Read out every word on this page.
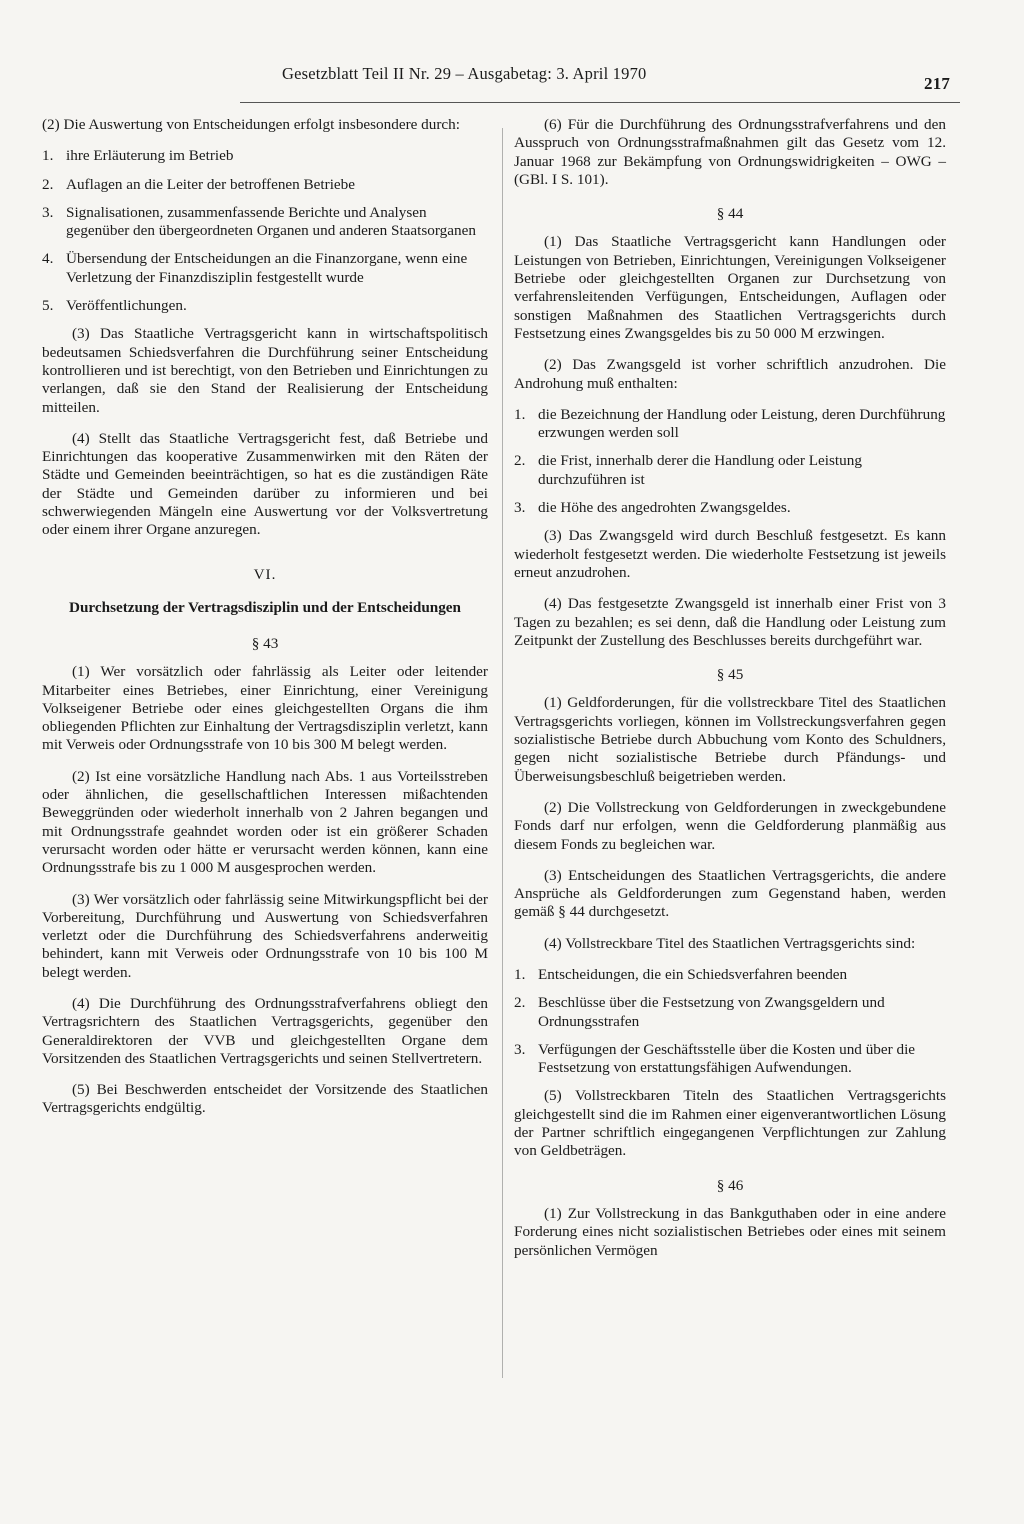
Gesetzblatt Teil II Nr. 29 – Ausgabetag: 3. April 1970
217

(2) Die Auswertung von Entscheidungen erfolgt insbesondere durch:

1. ihre Erläuterung im Betrieb
2. Auflagen an die Leiter der betroffenen Betriebe
3. Signalisationen, zusammenfassende Berichte und Analysen gegenüber den übergeordneten Organen und anderen Staatsorganen
4. Übersendung der Entscheidungen an die Finanzorgane, wenn eine Verletzung der Finanzdisziplin festgestellt wurde
5. Veröffentlichungen.

(3) Das Staatliche Vertragsgericht kann in wirtschaftspolitisch bedeutsamen Schiedsverfahren die Durchführung seiner Entscheidung kontrollieren und ist berechtigt, von den Betrieben und Einrichtungen zu verlangen, daß sie den Stand der Realisierung der Entscheidung mitteilen.

(4) Stellt das Staatliche Vertragsgericht fest, daß Betriebe und Einrichtungen das kooperative Zusammenwirken mit den Räten der Städte und Gemeinden beeinträchtigen, so hat es die zuständigen Räte der Städte und Gemeinden darüber zu informieren und bei schwerwiegenden Mängeln eine Auswertung vor der Volksvertretung oder einem ihrer Organe anzuregen.

VI.

Durchsetzung der Vertragsdisziplin und der Entscheidungen

§ 43

(1) Wer vorsätzlich oder fahrlässig als Leiter oder leitender Mitarbeiter eines Betriebes, einer Einrichtung, einer Vereinigung Volkseigener Betriebe oder eines gleichgestellten Organs die ihm obliegenden Pflichten zur Einhaltung der Vertragsdisziplin verletzt, kann mit Verweis oder Ordnungsstrafe von 10 bis 300 M belegt werden.

(2) Ist eine vorsätzliche Handlung nach Abs. 1 aus Vorteilsstreben oder ähnlichen, die gesellschaftlichen Interessen mißachtenden Beweggründen oder wiederholt innerhalb von 2 Jahren begangen und mit Ordnungsstrafe geahndet worden oder ist ein größerer Schaden verursacht worden oder hätte er verursacht werden können, kann eine Ordnungsstrafe bis zu 1 000 M ausgesprochen werden.

(3) Wer vorsätzlich oder fahrlässig seine Mitwirkungspflicht bei der Vorbereitung, Durchführung und Auswertung von Schiedsverfahren verletzt oder die Durchführung des Schiedsverfahrens anderweitig behindert, kann mit Verweis oder Ordnungsstrafe von 10 bis 100 M belegt werden.

(4) Die Durchführung des Ordnungsstrafverfahrens obliegt den Vertragsrichtern des Staatlichen Vertragsgerichts, gegenüber den Generaldirektoren der VVB und gleichgestellten Organe dem Vorsitzenden des Staatlichen Vertragsgerichts und seinen Stellvertretern.

(5) Bei Beschwerden entscheidet der Vorsitzende des Staatlichen Vertragsgerichts endgültig.

(6) Für die Durchführung des Ordnungsstrafverfahrens und den Ausspruch von Ordnungsstrafmaßnahmen gilt das Gesetz vom 12. Januar 1968 zur Bekämpfung von Ordnungswidrigkeiten – OWG – (GBl. I S. 101).

§ 44

(1) Das Staatliche Vertragsgericht kann Handlungen oder Leistungen von Betrieben, Einrichtungen, Vereinigungen Volkseigener Betriebe oder gleichgestellten Organen zur Durchsetzung von verfahrensleitenden Verfügungen, Entscheidungen, Auflagen oder sonstigen Maßnahmen des Staatlichen Vertragsgerichts durch Festsetzung eines Zwangsgeldes bis zu 50 000 M erzwingen.

(2) Das Zwangsgeld ist vorher schriftlich anzudrohen. Die Androhung muß enthalten:

1. die Bezeichnung der Handlung oder Leistung, deren Durchführung erzwungen werden soll
2. die Frist, innerhalb derer die Handlung oder Leistung durchzuführen ist
3. die Höhe des angedrohten Zwangsgeldes.

(3) Das Zwangsgeld wird durch Beschluß festgesetzt. Es kann wiederholt festgesetzt werden. Die wiederholte Festsetzung ist jeweils erneut anzudrohen.

(4) Das festgesetzte Zwangsgeld ist innerhalb einer Frist von 3 Tagen zu bezahlen; es sei denn, daß die Handlung oder Leistung zum Zeitpunkt der Zustellung des Beschlusses bereits durchgeführt war.

§ 45

(1) Geldforderungen, für die vollstreckbare Titel des Staatlichen Vertragsgerichts vorliegen, können im Vollstreckungsverfahren gegen sozialistische Betriebe durch Abbuchung vom Konto des Schuldners, gegen nicht sozialistische Betriebe durch Pfändungs- und Überweisungsbeschluß beigetrieben werden.

(2) Die Vollstreckung von Geldforderungen in zweckgebundene Fonds darf nur erfolgen, wenn die Geldforderung planmäßig aus diesem Fonds zu begleichen war.

(3) Entscheidungen des Staatlichen Vertragsgerichts, die andere Ansprüche als Geldforderungen zum Gegenstand haben, werden gemäß § 44 durchgesetzt.

(4) Vollstreckbare Titel des Staatlichen Vertragsgerichts sind:

1. Entscheidungen, die ein Schiedsverfahren beenden
2. Beschlüsse über die Festsetzung von Zwangsgeldern und Ordnungsstrafen
3. Verfügungen der Geschäftsstelle über die Kosten und über die Festsetzung von erstattungsfähigen Aufwendungen.

(5) Vollstreckbaren Titeln des Staatlichen Vertragsgerichts gleichgestellt sind die im Rahmen einer eigenverantwortlichen Lösung der Partner schriftlich eingegangenen Verpflichtungen zur Zahlung von Geldbeträgen.

§ 46

(1) Zur Vollstreckung in das Bankguthaben oder in eine andere Forderung eines nicht sozialistischen Betriebes oder eines mit seinem persönlichen Vermögen
